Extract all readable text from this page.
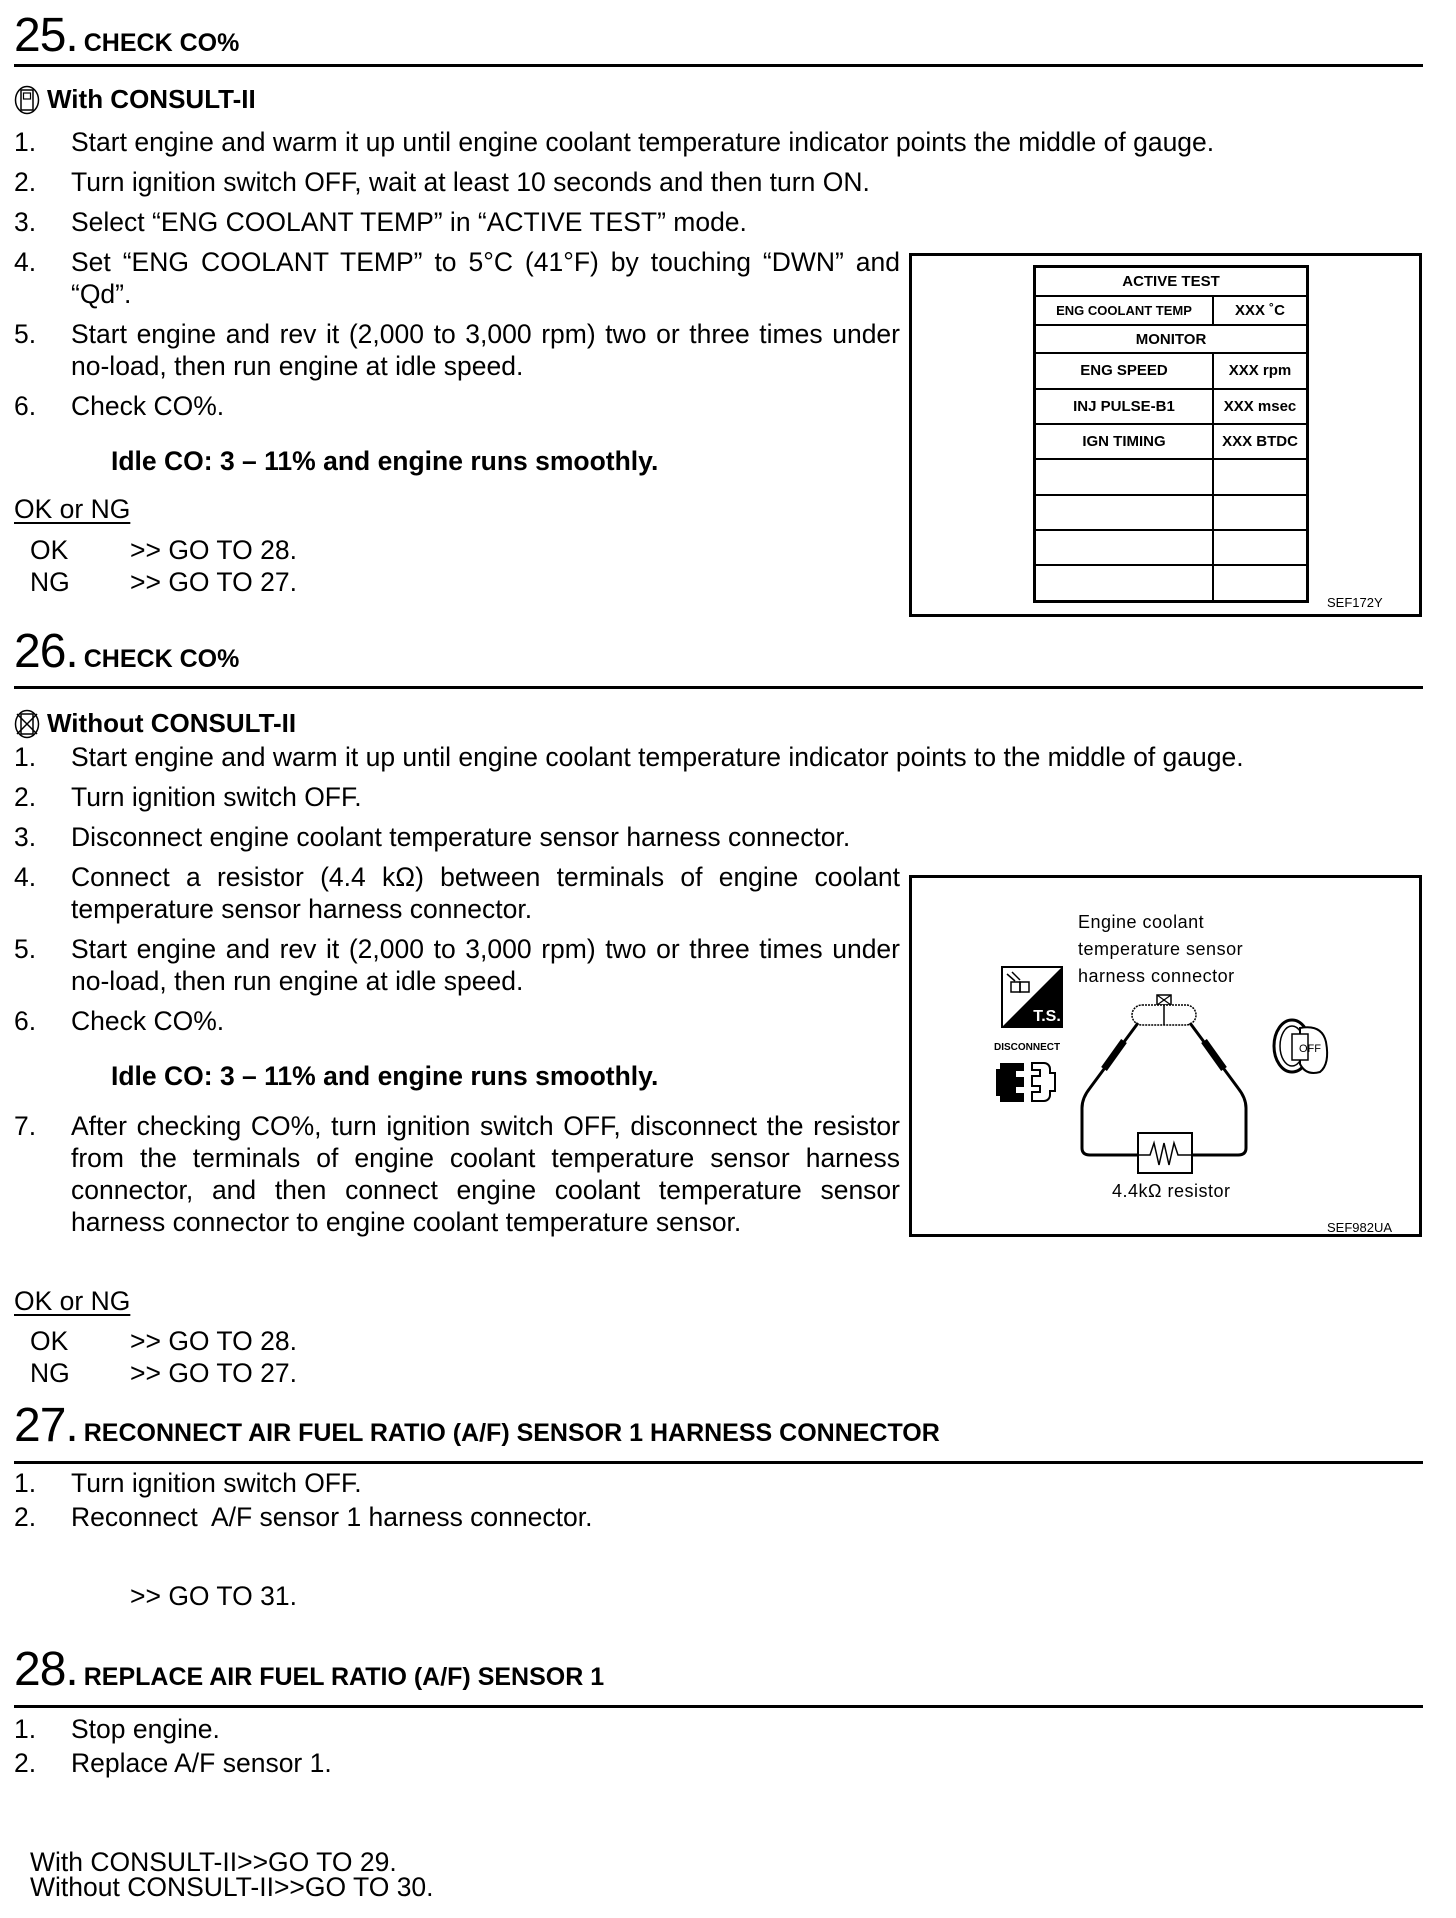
25. CHECK CO%
With CONSULT-II
1.	Start engine and warm it up until engine coolant temperature indicator points the middle of gauge.
2.	Turn ignition switch OFF, wait at least 10 seconds and then turn ON.
3.	Select “ENG COOLANT TEMP” in “ACTIVE TEST” mode.
4.	Set “ENG COOLANT TEMP” to 5°C (41°F) by touching “DWN” and “Qd”.
5.	Start engine and rev it (2,000 to 3,000 rpm) two or three times under no-load, then run engine at idle speed.
6.	Check CO%.
Idle CO: 3 – 11% and engine runs smoothly.
OK or NG
OK	>> GO TO 28.
NG	>> GO TO 27.
ACTIVE TEST	
ENG COOLANT TEMP	XXX ˚C
MONITOR	
ENG SPEED	XXX rpm
INJ PULSE-B1	XXX msec
IGN TIMING	XXX BTDC

SEF172Y
26. CHECK CO%
Without CONSULT-II
1.	Start engine and warm it up until engine coolant temperature indicator points to the middle of gauge.
2.	Turn ignition switch OFF.
3.	Disconnect engine coolant temperature sensor harness connector.
4.	Connect a resistor (4.4 kΩ) between terminals of engine coolant temperature sensor harness connector.
5.	Start engine and rev it (2,000 to 3,000 rpm) two or three times under no-load, then run engine at idle speed.
6.	Check CO%.
Idle CO: 3 – 11% and engine runs smoothly.
7.	After checking CO%, turn ignition switch OFF, disconnect the resistor from the terminals of engine coolant temperature sensor harness connector, and then connect engine coolant temperature sensor harness connector to engine coolant temperature sensor.
OK or NG
OK	>> GO TO 28.
NG	>> GO TO 27.
Engine coolant
temperature sensor
harness connector
T.S.
DISCONNECT
4.4kΩ resistor
OFF
SEF982UA
27. RECONNECT AIR FUEL RATIO (A/F) SENSOR 1 HARNESS CONNECTOR
1.	Turn ignition switch OFF.
2.	Reconnect  A/F sensor 1 harness connector.
>> GO TO 31.
28. REPLACE AIR FUEL RATIO (A/F) SENSOR 1
1.	Stop engine.
2.	Replace A/F sensor 1.
With CONSULT-II>>GO TO 29.
Without CONSULT-II>>GO TO 30.
